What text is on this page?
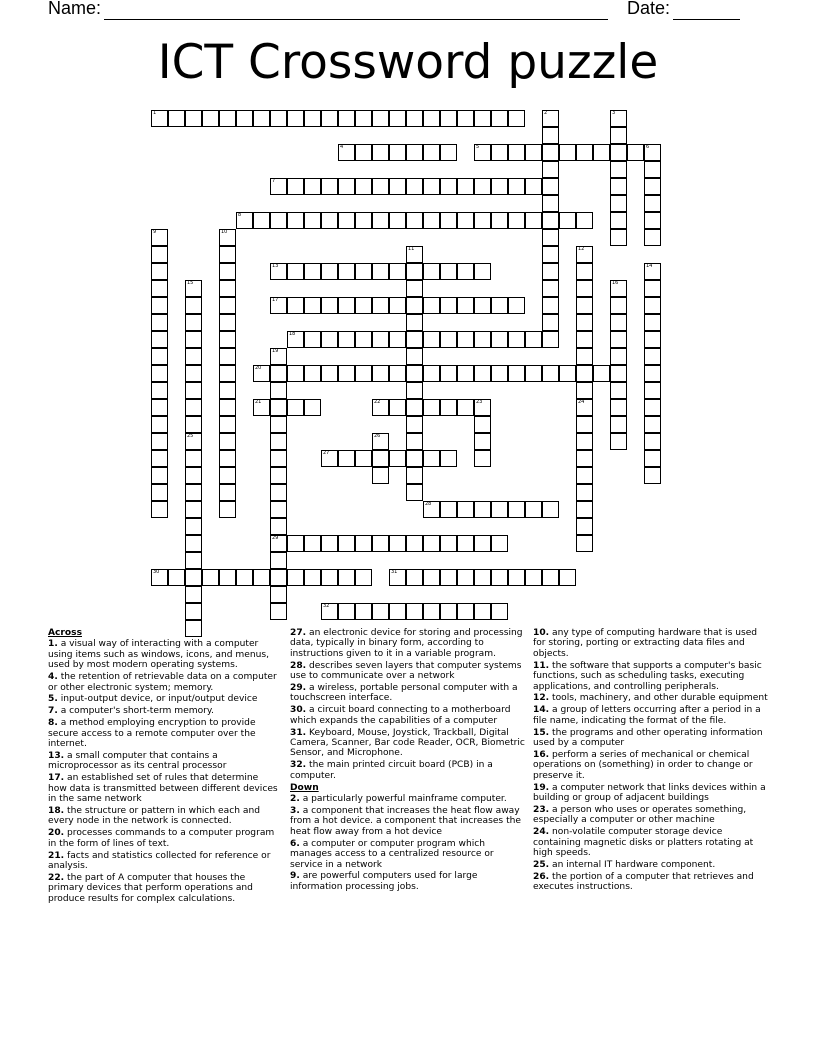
Name:	Date:
ICT Crossword puzzle
1	2	3
4	5	6
7
8
9	10
11	12
24
13	14
15	16
17
18
19
29
20
21	22	23
25	26
27
28
30	31
32
Across
1. a visual way of interacting with a computer using items such as windows, icons, and menus, used by most modern operating systems.
4. the retention of retrievable data on a computer or other electronic system; memory.
5. input-output device, or input/output device
7. a computer's short-term memory.
8. a method employing encryption to provide secure access to a remote computer over the internet.
13. a small computer that contains a microprocessor as its central processor
17. an established set of rules that determine how data is transmitted between different devices in the same network
18. the structure or pattern in which each and every node in the network is connected.
20. processes commands to a computer program in the form of lines of text.
21. facts and statistics collected for reference or analysis.
22. the part of A computer that houses the primary devices that perform operations and produce results for complex calculations.
27. an electronic device for storing and processing data, typically in binary form, according to instructions given to it in a variable program.
28. describes seven layers that computer systems use to communicate over a network
29. a wireless, portable personal computer with a touchscreen interface.
30. a circuit board connecting to a motherboard which expands the capabilities of a computer
31. Keyboard, Mouse, Joystick, Trackball, Digital Camera, Scanner, Bar code Reader, OCR, Biometric Sensor, and Microphone.
32. the main printed circuit board (PCB) in a computer.
Down
2. a particularly powerful mainframe computer.
3. a component that increases the heat flow away from a hot device. a component that increases the heat flow away from a hot device
6. a computer or computer program which manages access to a centralized resource or service in a network
9. are powerful computers used for large information processing jobs.
10. any type of computing hardware that is used for storing, porting or extracting data files and objects.
11. the software that supports a computer's basic functions, such as scheduling tasks, executing applications, and controlling peripherals.
12. tools, machinery, and other durable equipment
14. a group of letters occurring after a period in a file name, indicating the format of the file.
15. the programs and other operating information used by a computer
16. perform a series of mechanical or chemical operations on (something) in order to change or preserve it.
19. a computer network that links devices within a building or group of adjacent buildings
23. a person who uses or operates something, especially a computer or other machine
24. non-volatile computer storage device containing magnetic disks or platters rotating at high speeds.
25. an internal IT hardware component.
26. the portion of a computer that retrieves and executes instructions.
